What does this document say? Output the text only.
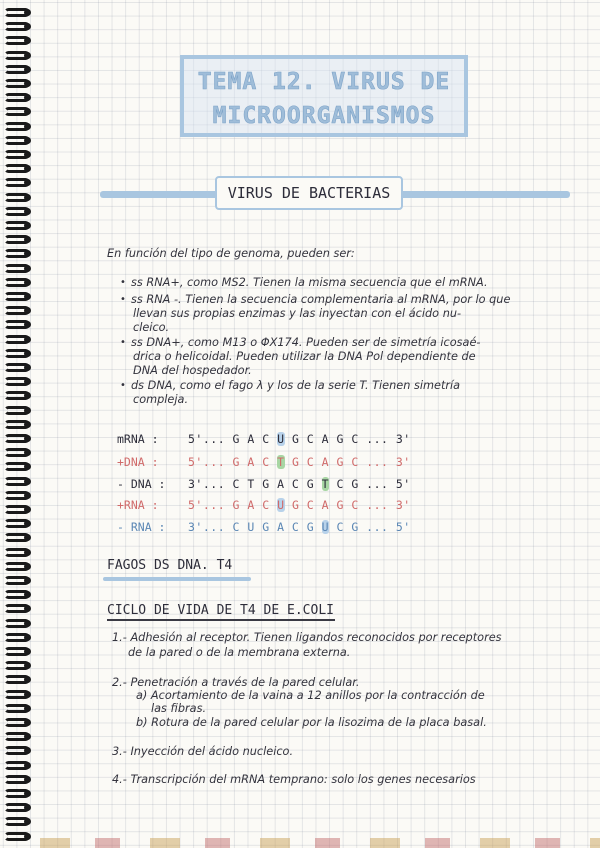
TEMA 12. VIRUS DE
MICROORGANISMOS
VIRUS DE BACTERIAS
En función del tipo de genoma, pueden ser:
• ss RNA+, como MS2. Tienen la misma secuencia que el mRNA.
• ss RNA -. Tienen la secuencia complementaria al mRNA, por lo que
llevan sus propias enzimas y las inyectan con el ácido nu-
cleico.
• ss DNA+, como M13 o ΦX174. Pueden ser de simetría icosaé-
drica o helicoidal. Pueden utilizar la DNA Pol dependiente de
DNA del hospedador.
• ds DNA, como el fago λ y los de la serie T. Tienen simetría
compleja.
mRNA :	5'... G A C U G C A G C ... 3'
+DNA :	5'... G A C T G C A G C ... 3'
- DNA : 3'... C T G A C G T C G ... 5'
+RNA :	5'... G A C U G C A G C ... 3'
- RNA : 3'... C U G A C G U C G ... 5'
FAGOS DS DNA. T4
CICLO DE VIDA DE T4 DE E.COLI
1.- Adhesión al receptor. Tienen ligandos reconocidos por receptores
de la pared o de la membrana externa.
2.- Penetración a través de la pared celular.
a) Acortamiento de la vaina a 12 anillos por la contracción de
las fibras.
b) Rotura de la pared celular por la lisozima de la placa basal.
3.- Inyección del ácido nucleico.
4.- Transcripción del mRNA temprano: solo los genes necesarios
